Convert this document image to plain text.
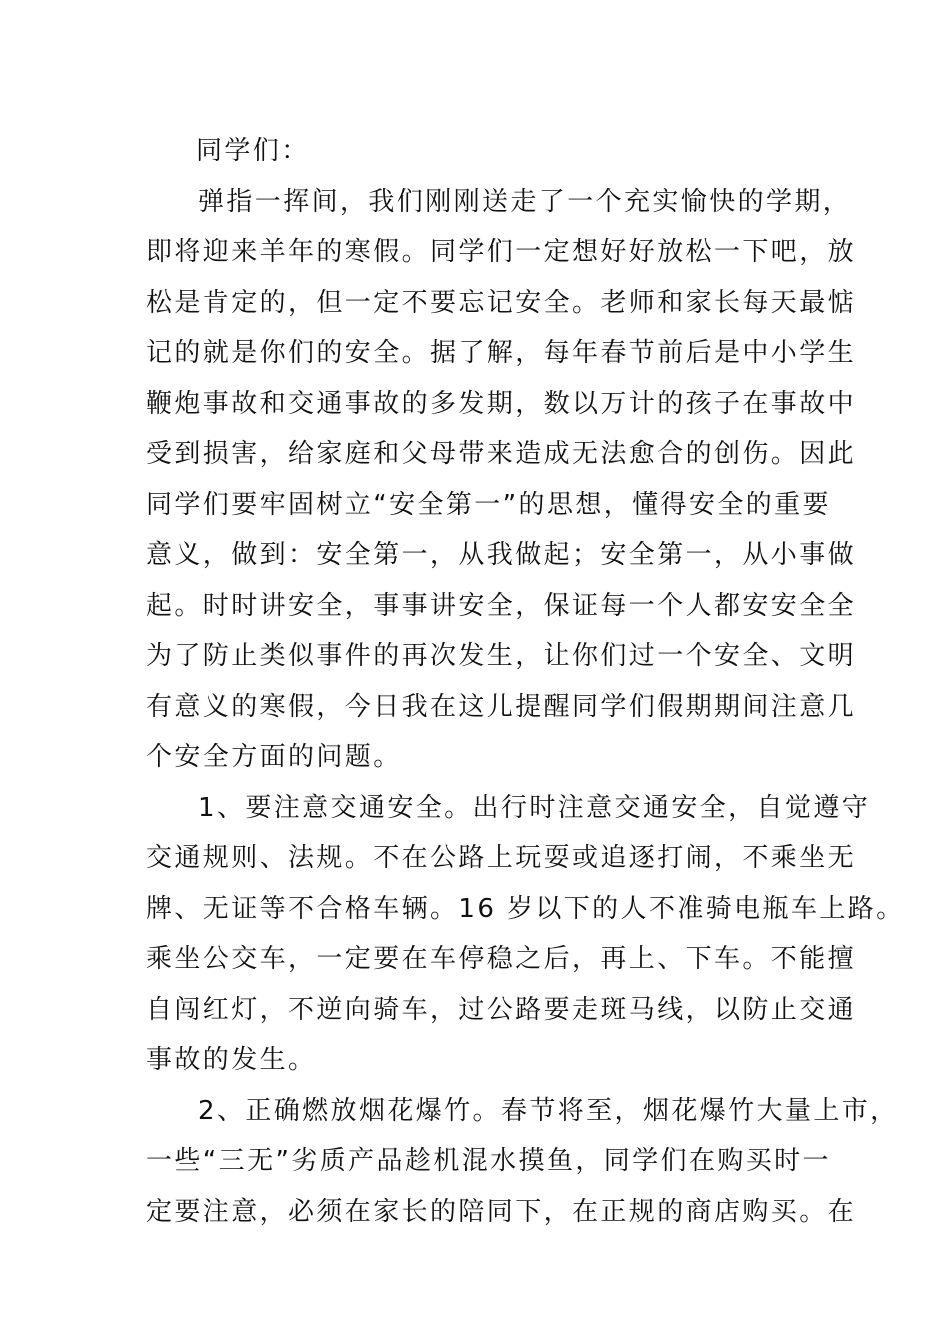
同学们：
弹指一挥间，我们刚刚送走了一个充实愉快的学期，
即将迎来羊年的寒假。同学们一定想好好放松一下吧，放
松是肯定的，但一定不要忘记安全。老师和家长每天最惦
记的就是你们的安全。据了解，每年春节前后是中小学生
鞭炮事故和交通事故的多发期，数以万计的孩子在事故中
受到损害，给家庭和父母带来造成无法愈合的创伤。因此
同学们要牢固树立“安全第一”的思想，懂得安全的重要
意义，做到：安全第一，从我做起；安全第一，从小事做
起。时时讲安全，事事讲安全，保证每一个人都安安全全
为了防止类似事件的再次发生，让你们过一个安全、文明
有意义的寒假，今日我在这儿提醒同学们假期期间注意几
个安全方面的问题。
1、要注意交通安全。出行时注意交通安全，自觉遵守
交通规则、法规。不在公路上玩耍或追逐打闹，不乘坐无
牌、无证等不合格车辆。16 岁以下的人不准骑电瓶车上路。
乘坐公交车，一定要在车停稳之后，再上、下车。不能擅
自闯红灯，不逆向骑车，过公路要走斑马线，以防止交通
事故的发生。
2、正确燃放烟花爆竹。春节将至，烟花爆竹大量上市，
一些“三无”劣质产品趁机混水摸鱼，同学们在购买时一
定要注意，必须在家长的陪同下，在正规的商店购买。在
